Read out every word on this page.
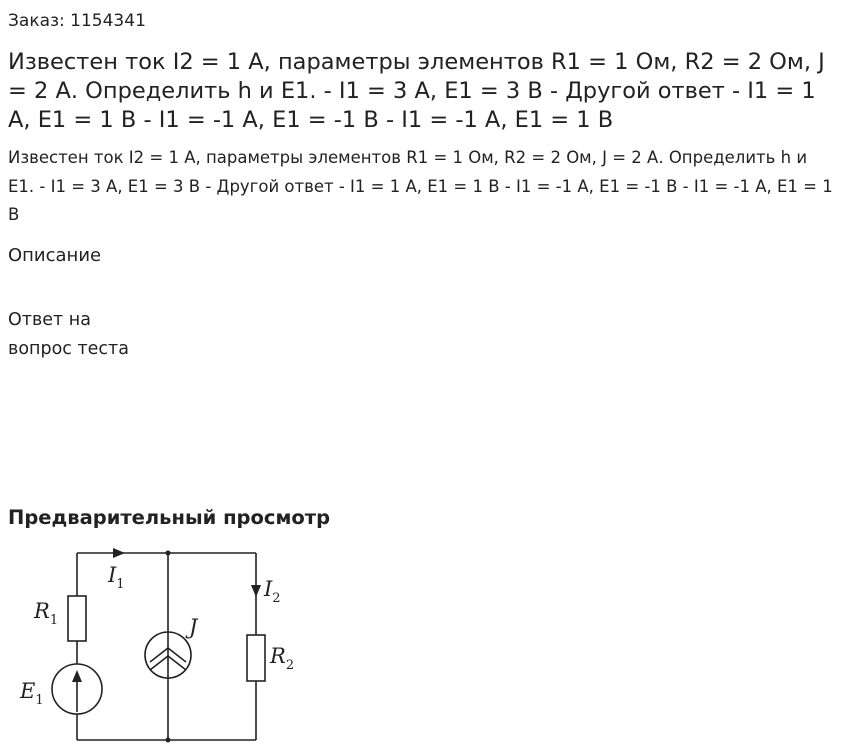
Заказ: 1154341
Известен ток I2 = 1 А, параметры элементов R1 = 1 Ом, R2 = 2 Ом, J = 2 А. Определить h и E1. - I1 = 3 А, E1 = 3 В - Другой ответ - I1 = 1 А, E1 = 1 В - I1 = -1 А, E1 = -1 В - I1 = -1 А, E1 = 1 В

Известен ток I2 = 1 А, параметры элементов R1 = 1 Ом, R2 = 2 Ом, J = 2 А. Определить h и E1. - I1 = 3 А, E1 = 3 В - Другой ответ - I1 = 1 А, E1 = 1 В - I1 = -1 А, E1 = -1 В - I1 = -1 А, E1 = 1 В

Описание
Ответ на
вопрос теста
Предварительный просмотр
$R_1$
$E_1$
$I_1$
J
$I_2$
$R_2$
